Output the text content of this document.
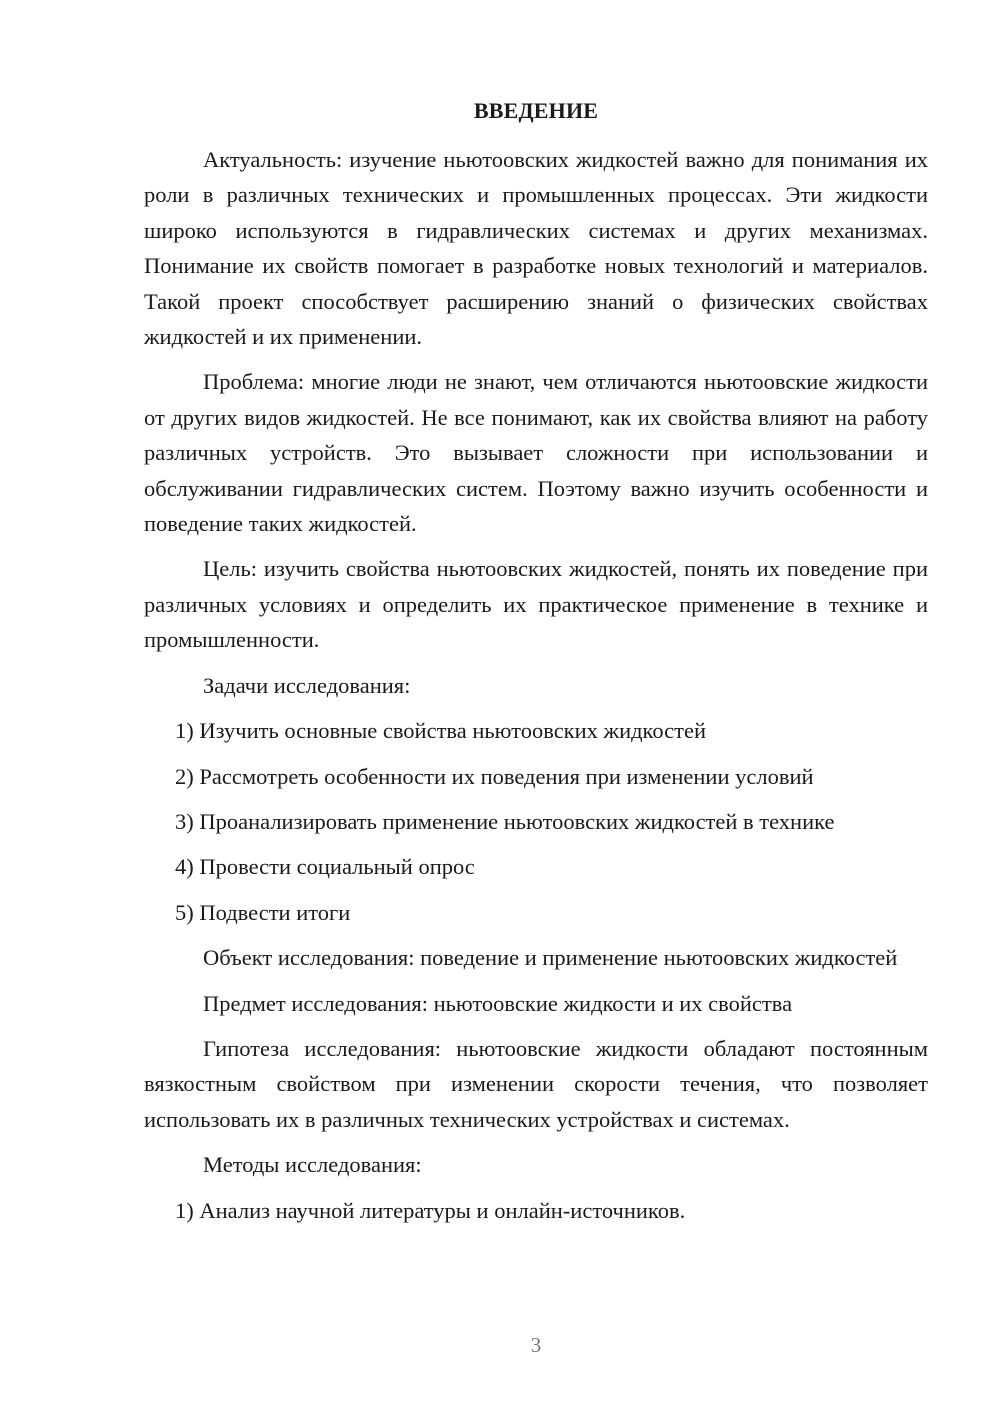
ВВЕДЕНИЕ

Актуальность: изучение ньютоовских жидкостей важно для понимания их роли в различных технических и промышленных процессах. Эти жидкости широко используются в гидравлических системах и других механизмах. Понимание их свойств помогает в разработке новых технологий и материалов. Такой проект способствует расширению знаний о физических свойствах жидкостей и их применении.

Проблема: многие люди не знают, чем отличаются ньютоовские жидкости от других видов жидкостей. Не все понимают, как их свойства влияют на работу различных устройств. Это вызывает сложности при использовании и обслуживании гидравлических систем. Поэтому важно изучить особенности и поведение таких жидкостей.

Цель: изучить свойства ньютоовских жидкостей, понять их поведение при различных условиях и определить их практическое применение в технике и промышленности.

Задачи исследования:

1) Изучить основные свойства ньютоовских жидкостей
2) Рассмотреть особенности их поведения при изменении условий
3) Проанализировать применение ньютоовских жидкостей в технике
4) Провести социальный опрос
5) Подвести итоги

Объект исследования: поведение и применение ньютоовских жидкостей

Предмет исследования: ньютоовские жидкости и их свойства

Гипотеза исследования: ньютоовские жидкости обладают постоянным вязкостным свойством при изменении скорости течения, что позволяет использовать их в различных технических устройствах и системах.

Методы исследования:

1) Анализ научной литературы и онлайн-источников.
3
